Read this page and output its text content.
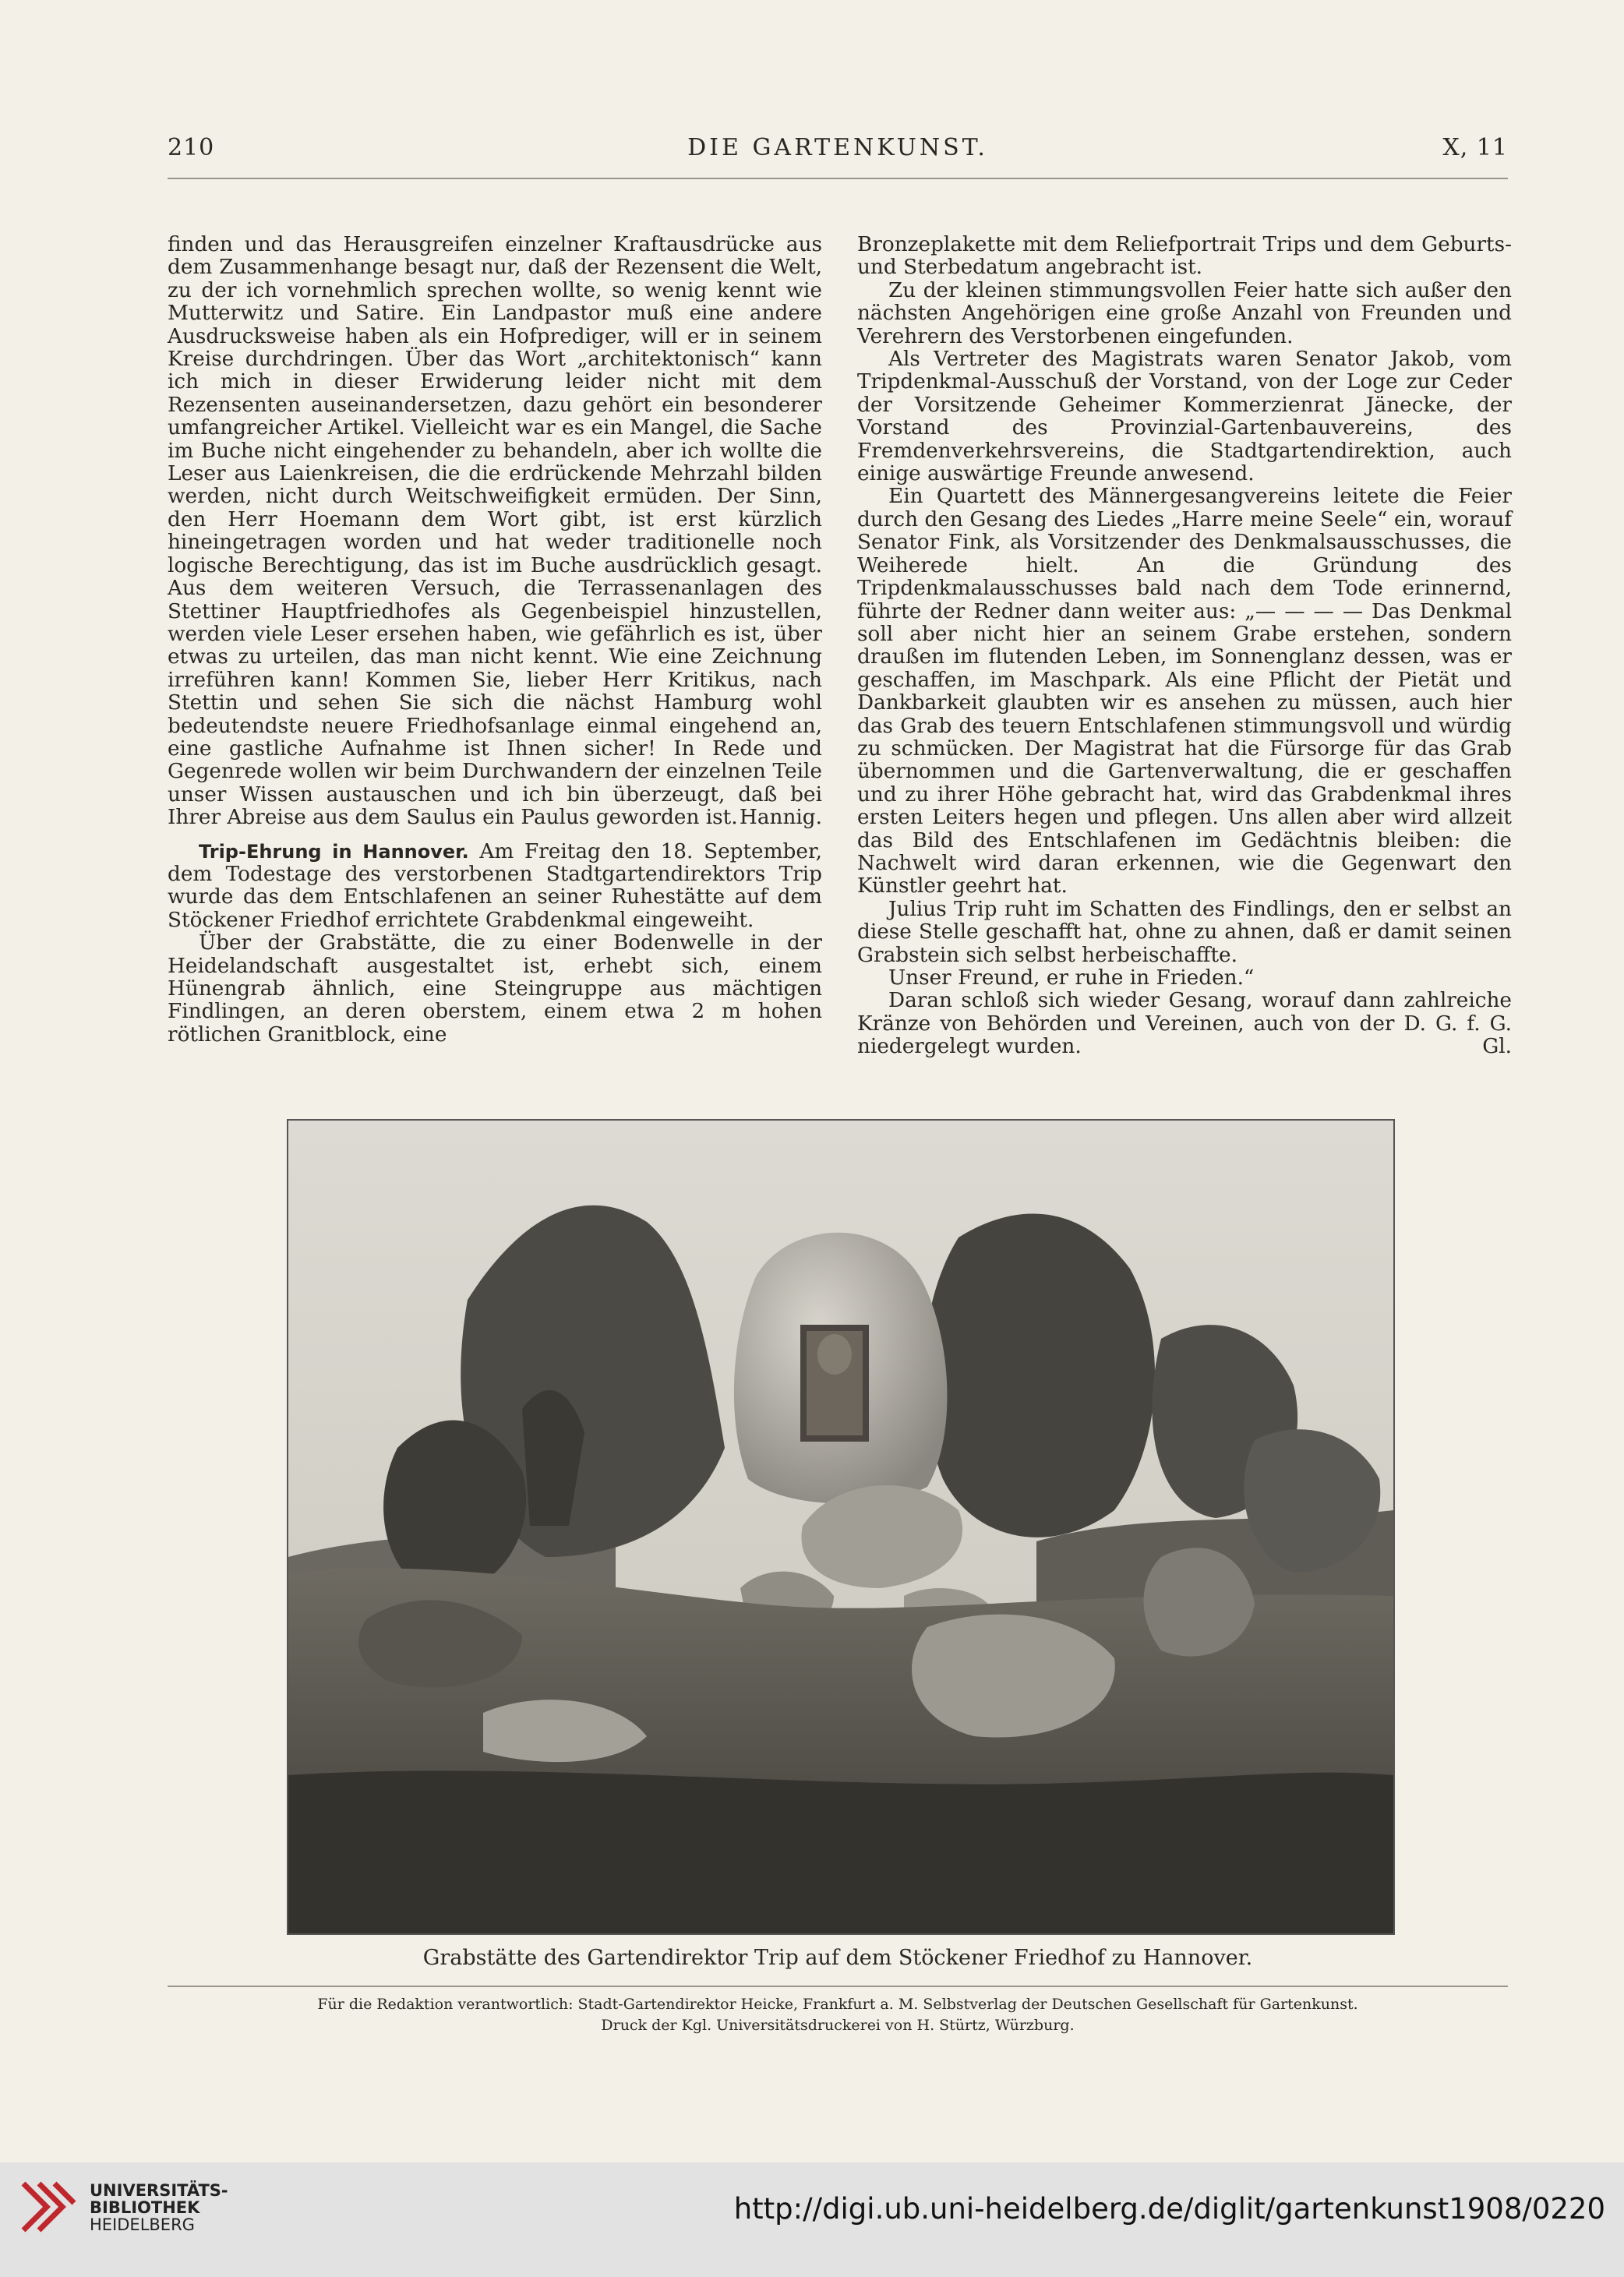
210	DIE GARTENKUNST.	X, 11

finden und das Herausgreifen einzelner Kraftausdrücke aus dem Zusammenhange besagt nur, daß der Rezensent die Welt, zu der ich vornehmlich sprechen wollte, so wenig kennt wie Mutterwitz und Satire. Ein Landpastor muß eine andere Ausdrucksweise haben als ein Hofprediger, will er in seinem Kreise durchdringen. Über das Wort „architektonisch“ kann ich mich in dieser Erwiderung leider nicht mit dem Rezensenten auseinandersetzen, dazu gehört ein besonderer umfangreicher Artikel. Vielleicht war es ein Mangel, die Sache im Buche nicht eingehender zu behandeln, aber ich wollte die Leser aus Laienkreisen, die die erdrückende Mehrzahl bilden werden, nicht durch Weitschweifigkeit ermüden. Der Sinn, den Herr Hoemann dem Wort gibt, ist erst kürzlich hineingetragen worden und hat weder traditionelle noch logische Berechtigung, das ist im Buche ausdrücklich gesagt. Aus dem weiteren Versuch, die Terrassenanlagen des Stettiner Hauptfriedhofes als Gegenbeispiel hinzustellen, werden viele Leser ersehen haben, wie gefährlich es ist, über etwas zu urteilen, das man nicht kennt. Wie eine Zeichnung irreführen kann! Kommen Sie, lieber Herr Kritikus, nach Stettin und sehen Sie sich die nächst Hamburg wohl bedeutendste neuere Friedhofsanlage einmal eingehend an, eine gastliche Aufnahme ist Ihnen sicher! In Rede und Gegenrede wollen wir beim Durchwandern der einzelnen Teile unser Wissen austauschen und ich bin überzeugt, daß bei Ihrer Abreise aus dem Saulus ein Paulus geworden ist. Hannig.

Trip-Ehrung in Hannover. Am Freitag den 18. September, dem Todestage des verstorbenen Stadtgartendirektors Trip wurde das dem Entschlafenen an seiner Ruhestätte auf dem Stöckener Friedhof errichtete Grabdenkmal eingeweiht.

Über der Grabstätte, die zu einer Bodenwelle in der Heidelandschaft ausgestaltet ist, erhebt sich, einem Hünengrab ähnlich, eine Steingruppe aus mächtigen Findlingen, an deren oberstem, einem etwa 2 m hohen rötlichen Granitblock, eine

Bronzeplakette mit dem Reliefportrait Trips und dem Geburts- und Sterbedatum angebracht ist.

Zu der kleinen stimmungsvollen Feier hatte sich außer den nächsten Angehörigen eine große Anzahl von Freunden und Verehrern des Verstorbenen eingefunden.

Als Vertreter des Magistrats waren Senator Jakob, vom Tripdenkmal-Ausschuß der Vorstand, von der Loge zur Ceder der Vorsitzende Geheimer Kommerzienrat Jänecke, der Vorstand des Provinzial-Gartenbauvereins, des Fremdenverkehrsvereins, die Stadtgartendirektion, auch einige auswärtige Freunde anwesend.

Ein Quartett des Männergesangvereins leitete die Feier durch den Gesang des Liedes „Harre meine Seele“ ein, worauf Senator Fink, als Vorsitzender des Denkmalsausschusses, die Weiherede hielt. An die Gründung des Tripdenkmalausschusses bald nach dem Tode erinnernd, führte der Redner dann weiter aus: „— — — — Das Denkmal soll aber nicht hier an seinem Grabe erstehen, sondern draußen im flutenden Leben, im Sonnenglanz dessen, was er geschaffen, im Maschpark. Als eine Pflicht der Pietät und Dankbarkeit glaubten wir es ansehen zu müssen, auch hier das Grab des teuern Entschlafenen stimmungsvoll und würdig zu schmücken. Der Magistrat hat die Fürsorge für das Grab übernommen und die Gartenverwaltung, die er geschaffen und zu ihrer Höhe gebracht hat, wird das Grabdenkmal ihres ersten Leiters hegen und pflegen. Uns allen aber wird allzeit das Bild des Entschlafenen im Gedächtnis bleiben: die Nachwelt wird daran erkennen, wie die Gegenwart den Künstler geehrt hat.

Julius Trip ruht im Schatten des Findlings, den er selbst an diese Stelle geschafft hat, ohne zu ahnen, daß er damit seinen Grabstein sich selbst herbeischaffte.

Unser Freund, er ruhe in Frieden.“

Daran schloß sich wieder Gesang, worauf dann zahlreiche Kränze von Behörden und Vereinen, auch von der D. G. f. G. niedergelegt wurden.	Gl.

Grabstätte des Gartendirektor Trip auf dem Stöckener Friedhof zu Hannover.
Für die Redaktion verantwortlich: Stadt-Gartendirektor Heicke, Frankfurt a. M. Selbstverlag der Deutschen Gesellschaft für Gartenkunst.
Druck der Kgl. Universitätsdruckerei von H. Stürtz, Würzburg.
UNIVERSITÄTS-
BIBLIOTHEK
HEIDELBERG	http://digi.ub.uni-heidelberg.de/diglit/gartenkunst1908/0220
